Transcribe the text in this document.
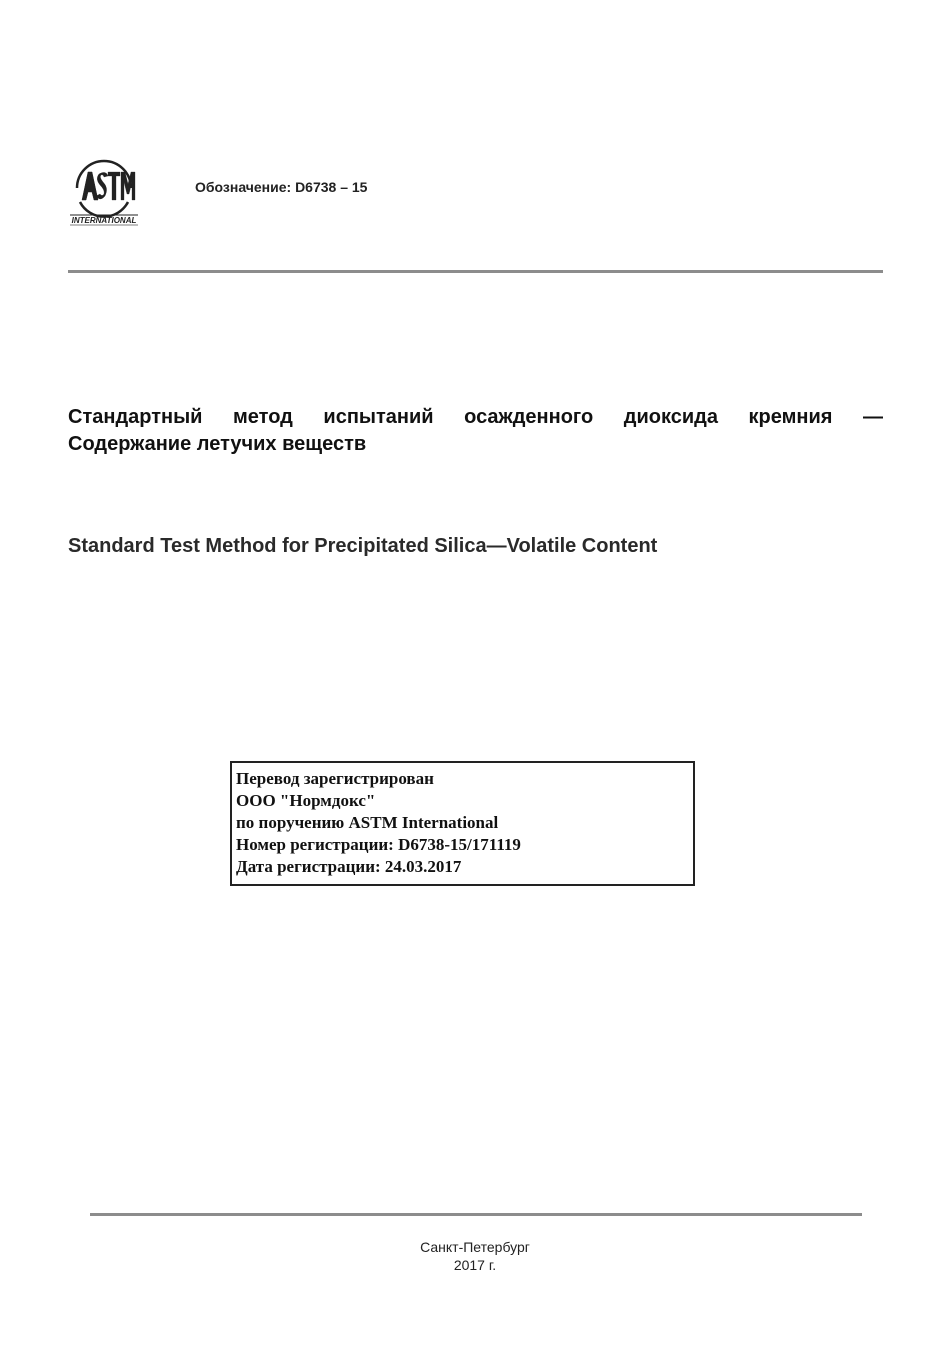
INTERNATIONAL
Обозначение: D6738 – 15
Стандартный метод испытаний осажденного диоксида кремния —
Содержание летучих веществ
Standard Test Method for Precipitated Silica—Volatile Content
Перевод зарегистрирован
ООО "Нормдокс"
по поручению ASTM International
Номер регистрации: D6738-15/171119
Дата регистрации: 24.03.2017
Санкт-Петербург
2017 г.
